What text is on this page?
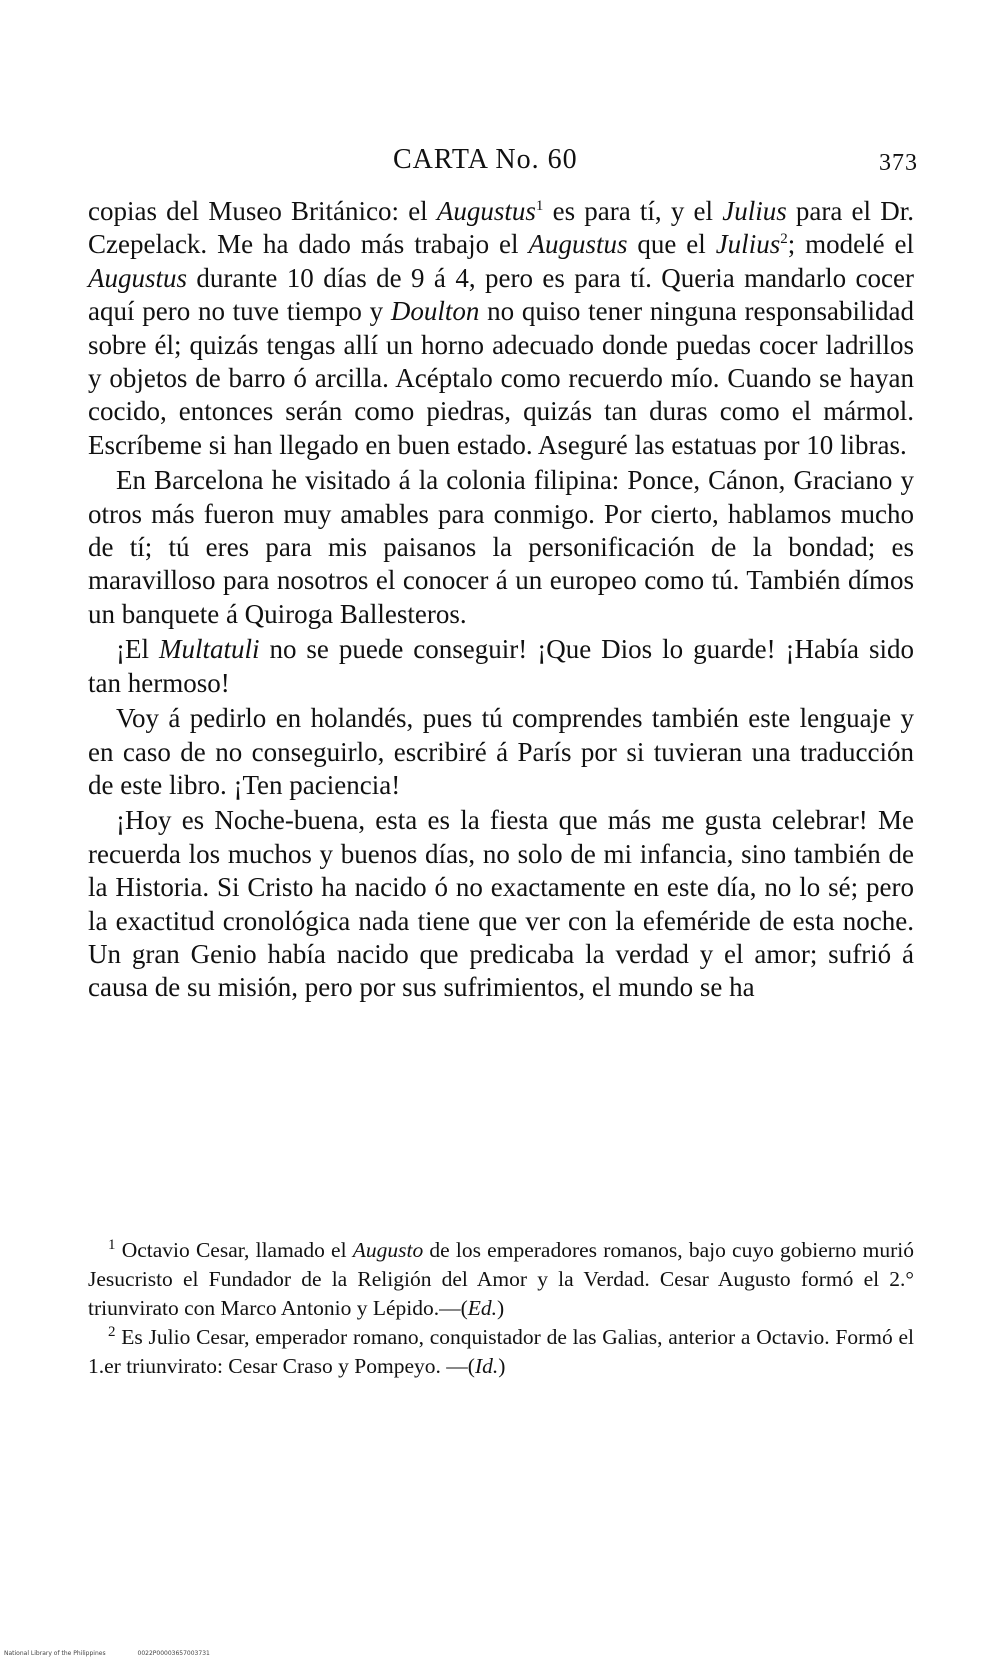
CARTA No. 60	373

copias del Museo Británico: el Augustus$^1$ es para tí, y el Julius para el Dr. Czepelack. Me ha dado más trabajo el Augustus que el Julius$^2$; modelé el Augustus durante 10 días de 9 á 4, pero es para tí. Queria mandarlo cocer aquí pero no tuve tiempo y Doulton no quiso tener ninguna responsabilidad sobre él; quizás tengas allí un horno adecuado donde puedas cocer ladrillos y objetos de barro ó arcilla. Acéptalo como recuerdo mío. Cuando se hayan cocido, entonces serán como piedras, quizás tan duras como el mármol. Escríbeme si han llegado en buen estado. Aseguré las estatuas por 10 libras.

En Barcelona he visitado á la colonia filipina: Ponce, Cánon, Graciano y otros más fueron muy amables para conmigo. Por cierto, hablamos mucho de tí; tú eres para mis paisanos la personificación de la bondad; es maravilloso para nosotros el conocer á un europeo como tú. También dímos un banquete á Quiroga Ballesteros.

¡El Multatuli no se puede conseguir! ¡Que Dios lo guarde! ¡Había sido tan hermoso!

Voy á pedirlo en holandés, pues tú comprendes también este lenguaje y en caso de no conseguirlo, escribiré á París por si tuvieran una traducción de este libro. ¡Ten paciencia!

¡Hoy es Noche-buena, esta es la fiesta que más me gusta celebrar! Me recuerda los muchos y buenos días, no solo de mi infancia, sino también de la Historia. Si Cristo ha nacido ó no exactamente en este día, no lo sé; pero la exactitud cronológica nada tiene que ver con la efeméride de esta noche. Un gran Genio había nacido que predicaba la verdad y el amor; sufrió á causa de su misión, pero por sus sufrimientos, el mundo se ha

$^1$ Octavio Cesar, llamado el Augusto de los emperadores romanos, bajo cuyo gobierno murió Jesucristo el Fundador de la Religión del Amor y la Verdad. Cesar Augusto formó el 2.° triunvirato con Marco Antonio y Lépido.—(Ed.)

$^2$ Es Julio Cesar, emperador romano, conquistador de las Galias, anterior a Octavio. Formó el 1.er triunvirato: Cesar Craso y Pompeyo. —(Id.)

National Library of the Philippines	0022P00003657003731
